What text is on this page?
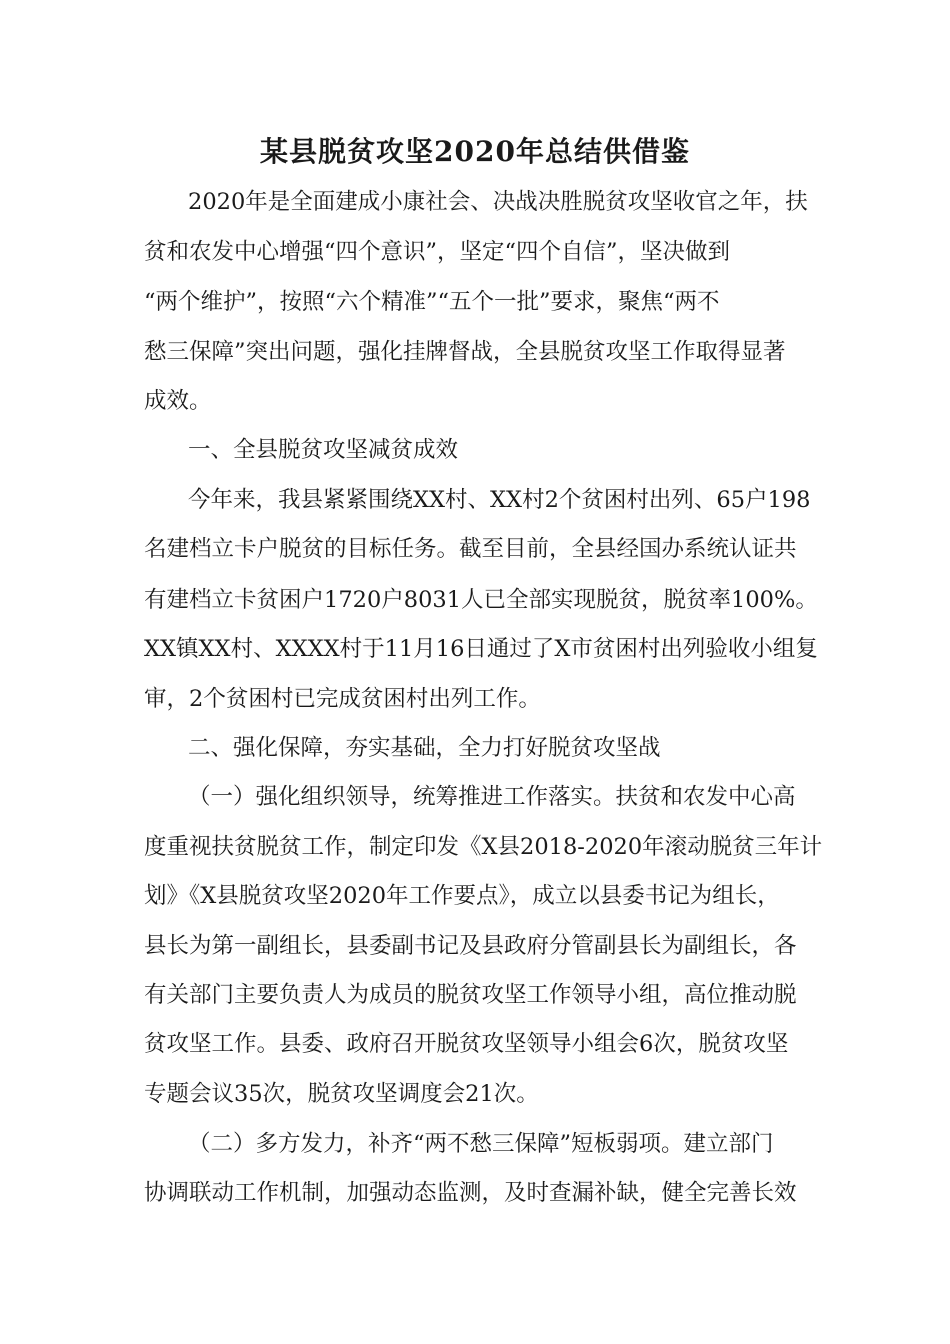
某县脱贫攻坚2020年总结供借鉴
2020年是全面建成小康社会、决战决胜脱贫攻坚收官之年，扶
贫和农发中心增强“四个意识”，坚定“四个自信”，坚决做到
“两个维护”，按照“六个精准”“五个一批”要求，聚焦“两不
愁三保障”突出问题，强化挂牌督战，全县脱贫攻坚工作取得显著
成效。
一、全县脱贫攻坚减贫成效
今年来，我县紧紧围绕XX村、XX村2个贫困村出列、65户198
名建档立卡户脱贫的目标任务。截至目前，全县经国办系统认证共
有建档立卡贫困户1720户8031人已全部实现脱贫，脱贫率100%。
XX镇XX村、XXXX村于11月16日通过了X市贫困村出列验收小组复
审，2个贫困村已完成贫困村出列工作。
二、强化保障，夯实基础，全力打好脱贫攻坚战
（一）强化组织领导，统筹推进工作落实。扶贫和农发中心高
度重视扶贫脱贫工作，制定印发《X县2018-2020年滚动脱贫三年计
划》《X县脱贫攻坚2020年工作要点》，成立以县委书记为组长，
县长为第一副组长，县委副书记及县政府分管副县长为副组长，各
有关部门主要负责人为成员的脱贫攻坚工作领导小组，高位推动脱
贫攻坚工作。县委、政府召开脱贫攻坚领导小组会6次，脱贫攻坚
专题会议35次，脱贫攻坚调度会21次。
（二）多方发力，补齐“两不愁三保障”短板弱项。建立部门
协调联动工作机制，加强动态监测，及时查漏补缺，健全完善长效
